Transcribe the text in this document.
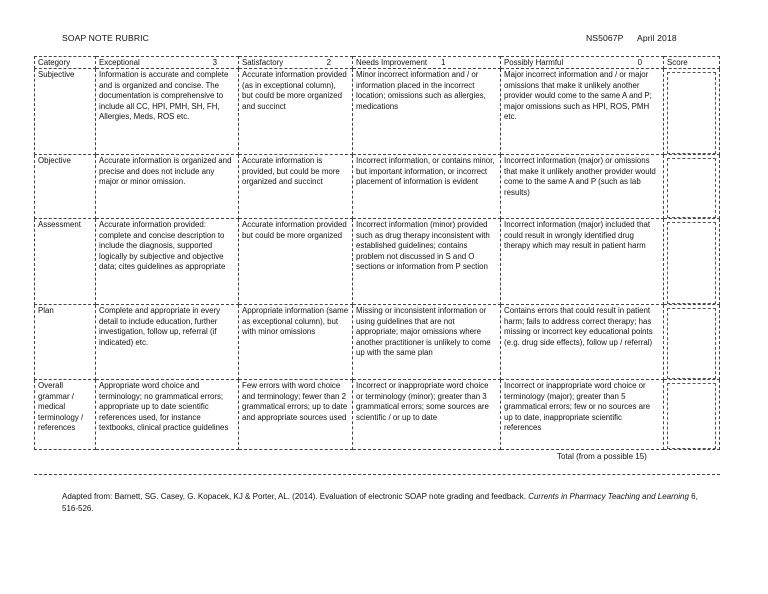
SOAP NOTE RUBRIC	NS5067P April 2018
Category	Exceptional 3	Satisfactory 2	Needs Improvement 1	Possibly Harmful 0	Score
Subjective	Information is accurate and complete and is organized and concise. The documentation is comprehensive to include all CC, HPI, PMH, SH, FH, Allergies, Meds, ROS etc.	Accurate information provided (as in exceptional column), but could be more organized and succinct	Minor incorrect information and / or information placed in the incorrect location; omissions such as allergies, medications	Major incorrect information and / or major omissions that make it unlikely another provider would come to the same A and P; major omissions such as HPI, ROS, PMH etc.	

Objective	Accurate information is organized and precise and does not include any major or minor omission.	Accurate information is provided, but could be more organized and succinct	Incorrect information, or contains minor, but important information, or incorrect placement of information is evident	Incorrect information (major) or omissions that make it unlikely another provider would come to the same A and P (such as lab results)	

Assessment	Accurate information provided: complete and concise description to include the diagnosis, supported logically by subjective and objective data; cites guidelines as appropriate	Accurate information provided but could be more organized	Incorrect information (minor) provided such as drug therapy inconsistent with established guidelines; contains problem not discussed in S and O sections or information from P section	Incorrect information (major) included that could result in wrongly identified drug therapy which may result in patient harm	

Plan	Complete and appropriate in every detail to include education, further investigation, follow up, referral (if indicated) etc.	Appropriate information (same as exceptional column), but with minor omissions	Missing or inconsistent information or using guidelines that are not appropriate; major omissions where another practitioner is unlikely to come up with the same plan	Contains errors that could result in patient harm; fails to address correct therapy; has missing or incorrect key educational points (e.g. drug side effects), follow up / referral)	

Overall grammar / medical terminology / references	Appropriate word choice and terminology; no grammatical errors; appropriate up to date scientific references used, for instance textbooks, clinical practice guidelines	Few errors with word choice and terminology; fewer than 2 grammatical errors; up to date and appropriate sources used	Incorrect or inappropriate word choice or terminology (minor); greater than 3 grammatical errors; some sources are scientific / or up to date	Incorrect or inappropriate word choice or terminology (major); greater than 5 grammatical errors; few or no sources are up to date, inappropriate scientific references	
Total (from a possible 15)
Adapted from: Barnett, SG. Casey, G. Kopacek, KJ & Porter, AL. (2014). Evaluation of electronic SOAP note grading and feedback. Currents in Pharmacy Teaching and Learning 6, 516-526.
